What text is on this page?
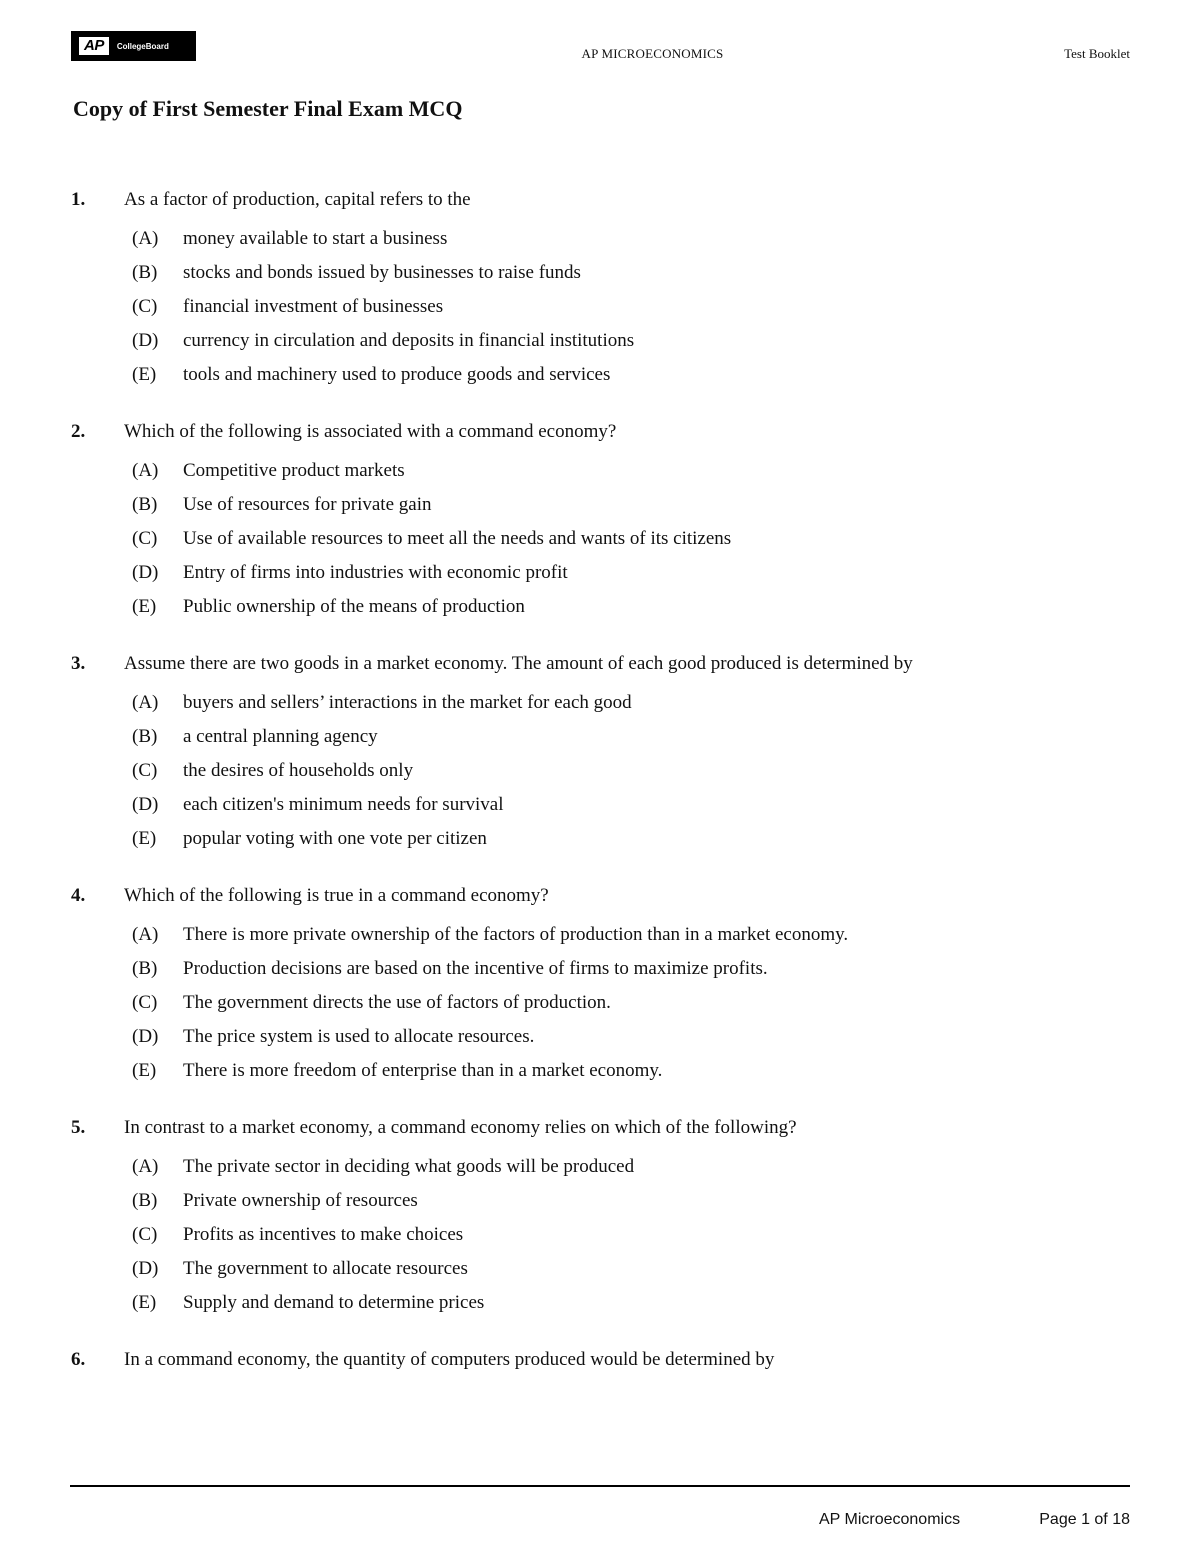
AP	CollegeBoard	AP MICROECONOMICS	Test Booklet
Copy of First Semester Final Exam MCQ
1. As a factor of production, capital refers to the
(A) money available to start a business
(B) stocks and bonds issued by businesses to raise funds
(C) financial investment of businesses
(D) currency in circulation and deposits in financial institutions
(E) tools and machinery used to produce goods and services
2. Which of the following is associated with a command economy?
(A) Competitive product markets
(B) Use of resources for private gain
(C) Use of available resources to meet all the needs and wants of its citizens
(D) Entry of firms into industries with economic profit
(E) Public ownership of the means of production
3. Assume there are two goods in a market economy. The amount of each good produced is determined by
(A) buyers and sellers’ interactions in the market for each good
(B) a central planning agency
(C) the desires of households only
(D) each citizen's minimum needs for survival
(E) popular voting with one vote per citizen
4. Which of the following is true in a command economy?
(A) There is more private ownership of the factors of production than in a market economy.
(B) Production decisions are based on the incentive of firms to maximize profits.
(C) The government directs the use of factors of production.
(D) The price system is used to allocate resources.
(E) There is more freedom of enterprise than in a market economy.
5. In contrast to a market economy, a command economy relies on which of the following?
(A) The private sector in deciding what goods will be produced
(B) Private ownership of resources
(C) Profits as incentives to make choices
(D) The government to allocate resources
(E) Supply and demand to determine prices
6. In a command economy, the quantity of computers produced would be determined by
AP Microeconomics	Page 1 of 18
